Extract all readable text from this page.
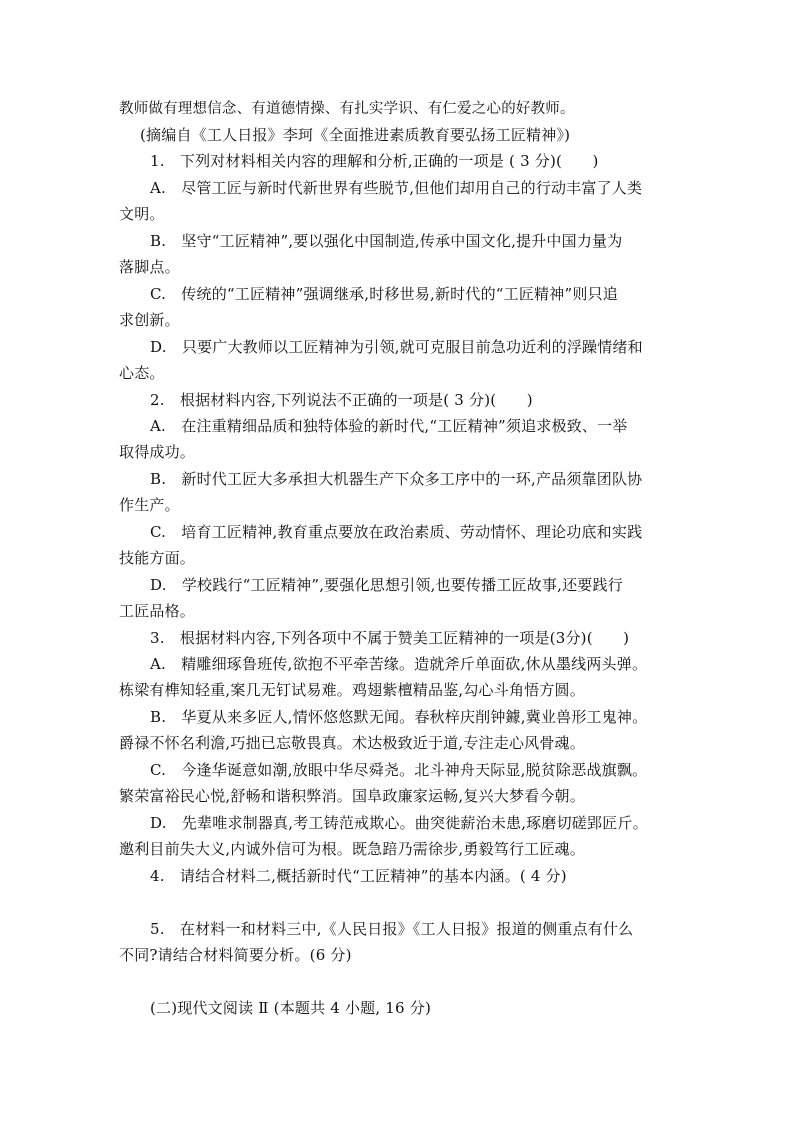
教师做有理想信念、有道德情操、有扎实学识、有仁爱之心的好教师。
(摘编自《工人日报》李珂《全面推进素质教育要弘扬工匠精神》)
1.　下列对材料相关内容的理解和分析,正确的一项是 ( 3 分)(　　)
A.　尽管工匠与新时代新世界有些脱节,但他们却用自己的行动丰富了人类
文明。
B.　坚守“工匠精神”,要以强化中国制造,传承中国文化,提升中国力量为
落脚点。
C.　传统的“工匠精神”强调继承,时移世易,新时代的“工匠精神”则只追
求创新。
D.　只要广大教师以工匠精神为引领,就可克服目前急功近利的浮躁情绪和
心态。
2.　根据材料内容,下列说法不正确的一项是( 3 分)(　　)
A.　在注重精细品质和独特体验的新时代,“工匠精神”须追求极致、一举
取得成功。
B.　新时代工匠大多承担大机器生产下众多工序中的一环,产品须靠团队协
作生产。
C.　培育工匠精神,教育重点要放在政治素质、劳动情怀、理论功底和实践
技能方面。
D.　学校践行“工匠精神”,要强化思想引领,也要传播工匠故事,还要践行
工匠品格。
3.　根据材料内容,下列各项中不属于赞美工匠精神的一项是(3分)(　　)
A.　精雕细琢鲁班传,欲抱不平牵苦缘。造就斧斤单面砍,休从墨线两头弹。
栋梁有榫知轻重,案几无钉试易难。鸡翅紫檀精品鉴,勾心斗角悟方圆。
B.　华夏从来多匠人,情怀悠悠默无闻。春秋梓庆削钟鐻,冀业兽形工鬼神。
爵禄不怀名利澹,巧拙已忘敬畏真。术达极致近于道,专注走心风骨魂。
C.　今逢华诞意如潮,放眼中华尽舜尧。北斗神舟天际显,脱贫除恶战旗飘。
繁荣富裕民心悦,舒畅和谐积弊消。国阜政廉家运畅,复兴大梦看今朝。
D.　先辈唯求制器真,考工铸范戒欺心。曲突徙薪治未患,琢磨切磋郢匠斤。
邀利目前失大义,内诚外信可为根。既急踣乃需徐步,勇毅笃行工匠魂。
4.　请结合材料二,概括新时代“工匠精神”的基本内涵。( 4 分)
5.　在材料一和材料三中,《人民日报》《工人日报》报道的侧重点有什么
不同?请结合材料简要分析。(6 分)
(二)现代文阅读 Ⅱ (本题共 4 小题, 16 分)
